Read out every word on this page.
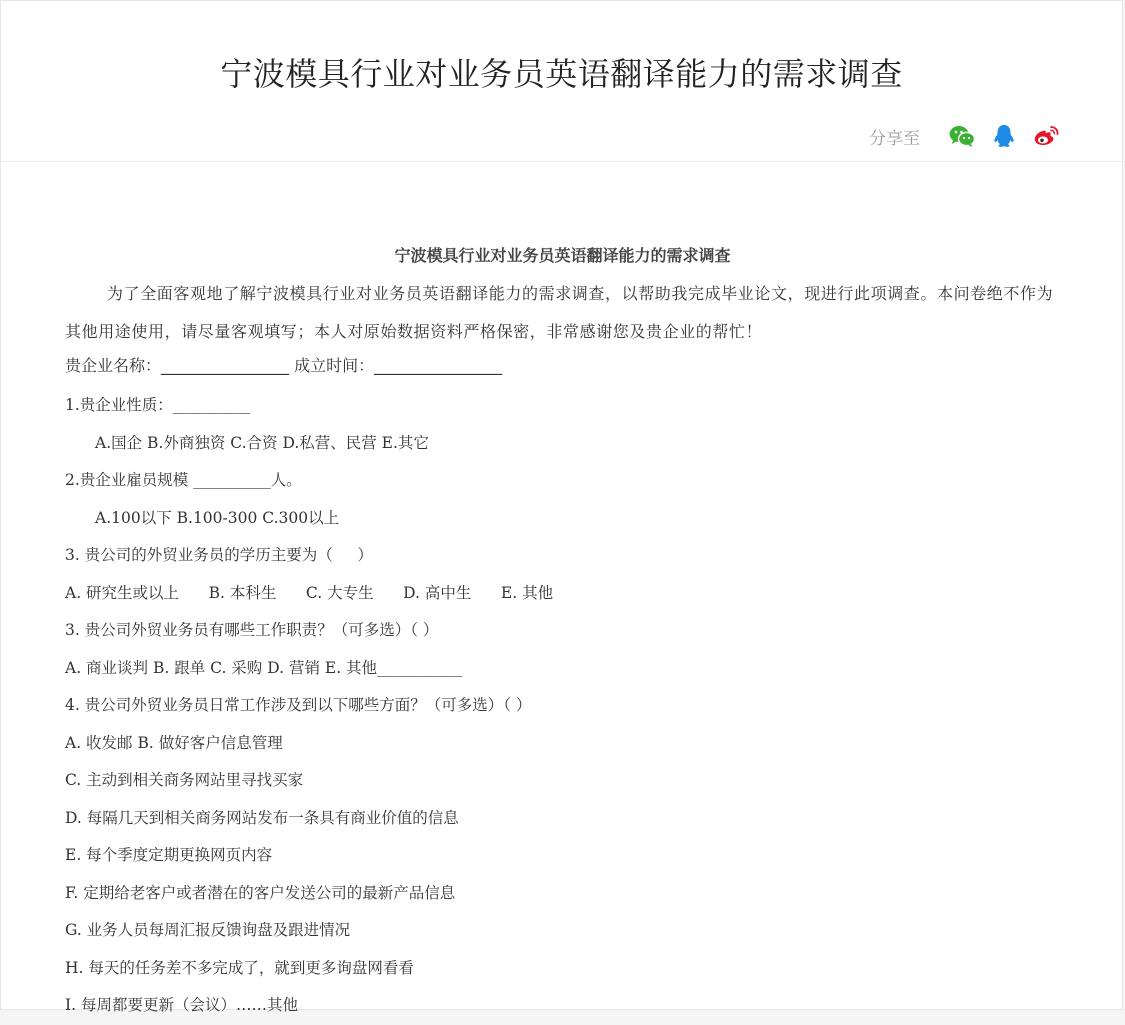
宁波模具行业对业务员英语翻译能力的需求调查
分享至

宁波模具行业对业务员英语翻译能力的需求调查

为了全面客观地了解宁波模具行业对业务员英语翻译能力的需求调查，以帮助我完成毕业论文，现进行此项调查。本问卷绝不作为其他用途使用，请尽量客观填写；本人对原始数据资料严格保密，非常感谢您及贵企业的帮忙！

贵企业名称：________________ 成立时间：________________

1.贵企业性质：__________

A.国企 B.外商独资 C.合资 D.私营、民营 E.其它

2.贵企业雇员规模 __________人。

A.100以下 B.100-300 C.300以上

3. 贵公司的外贸业务员的学历主要为（     ）

A. 研究生或以上      B. 本科生      C. 大专生      D. 高中生      E. 其他

3. 贵公司外贸业务员有哪些工作职责？（可多选）（ ）

A. 商业谈判 B. 跟单 C. 采购 D. 营销 E. 其他___________

4. 贵公司外贸业务员日常工作涉及到以下哪些方面？（可多选）（ ）

A. 收发邮 B. 做好客户信息管理

C. 主动到相关商务网站里寻找买家

D. 每隔几天到相关商务网站发布一条具有商业价值的信息

E. 每个季度定期更换网页内容

F. 定期给老客户或者潜在的客户发送公司的最新产品信息

G. 业务人员每周汇报反馈询盘及跟进情况

H. 每天的任务差不多完成了，就到更多询盘网看看

I. 每周都要更新（会议）……其他
